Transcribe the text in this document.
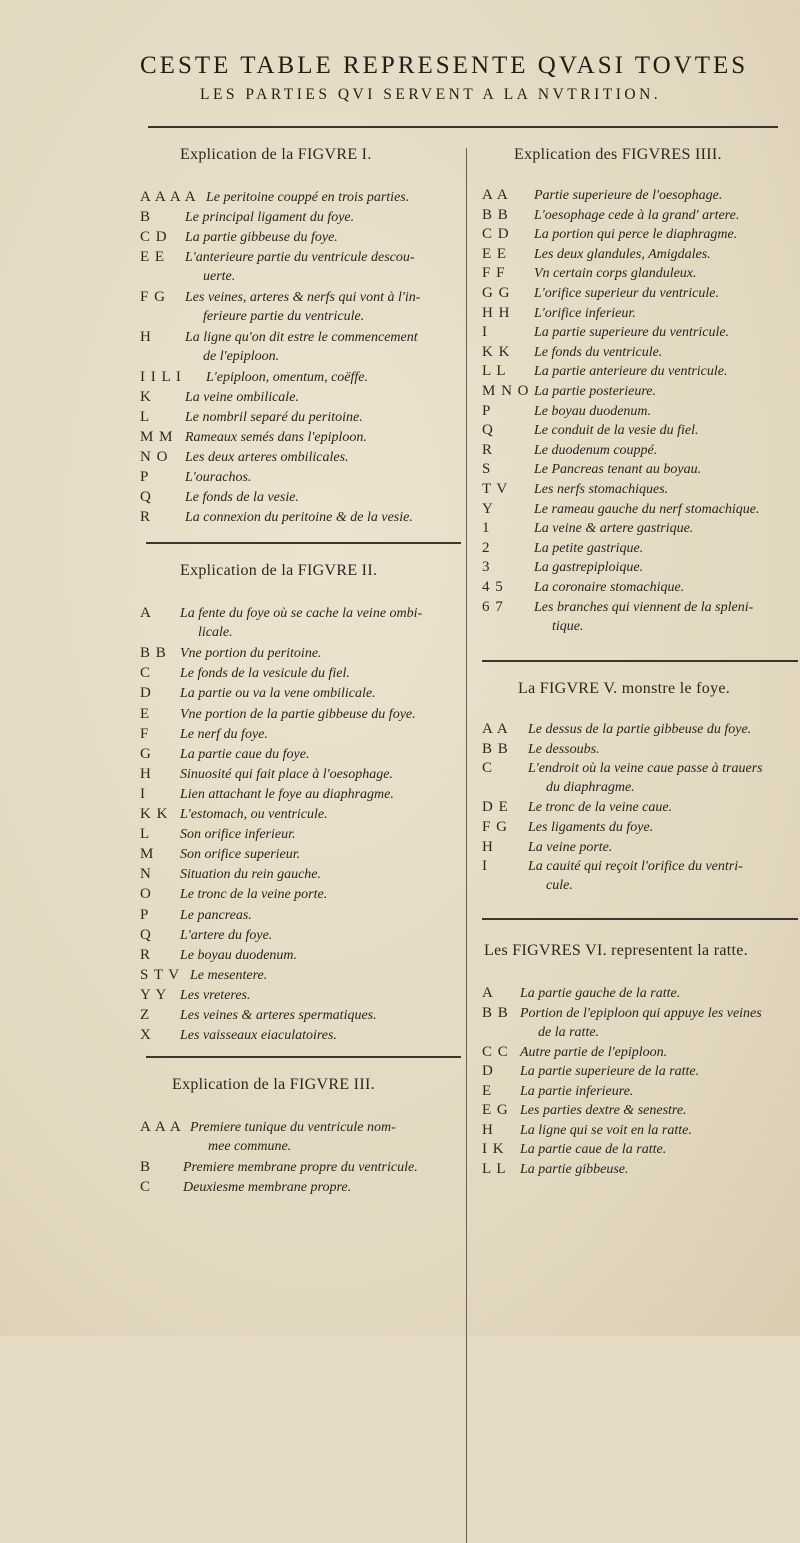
CESTE TABLE REPRESENTE QVASI TOVTES
LES PARTIES QVI SERVENT A LA NVTRITION.
Explication de la FIGVRE I.
A A A A Le peritoine couppé en trois parties.
B Le principal ligament du foye.
C D La partie gibbeuse du foye.
E E L'anterieure partie du ventricule descou-
uerte.
F G Les veines, arteres & nerfs qui vont à l'in-
ferieure partie du ventricule.
H La ligne qu'on dit estre le commencement
de l'epiploon.
I I L I L'epiploon, omentum, coëffe.
K La veine ombilicale.
L Le nombril separé du peritoine.
M M Rameaux semés dans l'epiploon.
N O Les deux arteres ombilicales.
P	L'ourachos.
Q Le fonds de la vesie.
R La connexion du peritoine & de la vesie.
Explication de la FIGVRE II.
A La fente du foye où se cache la veine ombi-
licale.
B B Vne portion du peritoine.
C Le fonds de la vesicule du fiel.
D La partie ou va la vene ombilicale.
E Vne portion de la partie gibbeuse du foye.
F Le nerf du foye.
G La partie caue du foye.
H Sinuosité qui fait place à l'oesophage.
I Lien attachant le foye au diaphragme.
K K L'estomach, ou ventricule.
L Son orifice inferieur.
M Son orifice superieur.
N Situation du rein gauche.
O Le tronc de la veine porte.
P Le pancreas.
Q L'artere du foye.
R Le boyau duodenum.
S T V Le mesentere.
Y Y Les vreteres.
Z Les veines & arteres spermatiques.
X Les vaisseaux eiaculatoires.
Explication de la FIGVRE III.
A A A Premiere tunique du ventricule nom-
mee commune.
B Premiere membrane propre du ventricule.
C Deuxiesme membrane propre.
Explication des FIGVRES IIII.
A A Partie superieure de l'oesophage.
B B L'oesophage cede à la grand' artere.
C D La portion qui perce le diaphragme.
E E Les deux glandules, Amigdales.
F F Vn certain corps glanduleux.
G G L'orifice superieur du ventricule.
H H L'orifice inferieur.
I	La partie superieure du ventricule.
K K Le fonds du ventricule.
L L La partie anterieure du ventricule.
M N O La partie posterieure.
P	Le boyau duodenum.
Q	Le conduit de la vesie du fiel.
R	Le duodenum couppé.
S	Le Pancreas tenant au boyau.
T V Les nerfs stomachiques.
Y	Le rameau gauche du nerf stomachique.
1	La veine & artere gastrique.
2	La petite gastrique.
3	La gastrepiploique.
4 5 La coronaire stomachique.
6 7 Les branches qui viennent de la spleni-
tique.
La FIGVRE V. monstre le foye.
A A Le dessus de la partie gibbeuse du foye.
B B Le dessoubs.
C L'endroit où la veine caue passe à trauers
du diaphragme.
D E Le tronc de la veine caue.
F G Les ligaments du foye.
H La veine porte.
I	La cauité qui reçoit l'orifice du ventri-
cule.
Les FIGVRES VI. representent la ratte.
A La partie gauche de la ratte.
B B Portion de l'epiploon qui appuye les veines
de la ratte.
C C Autre partie de l'epiploon.
D La partie superieure de la ratte.
E La partie inferieure.
E G Les parties dextre & senestre.
H La ligne qui se voit en la ratte.
I K La partie caue de la ratte.
L L La partie gibbeuse.
